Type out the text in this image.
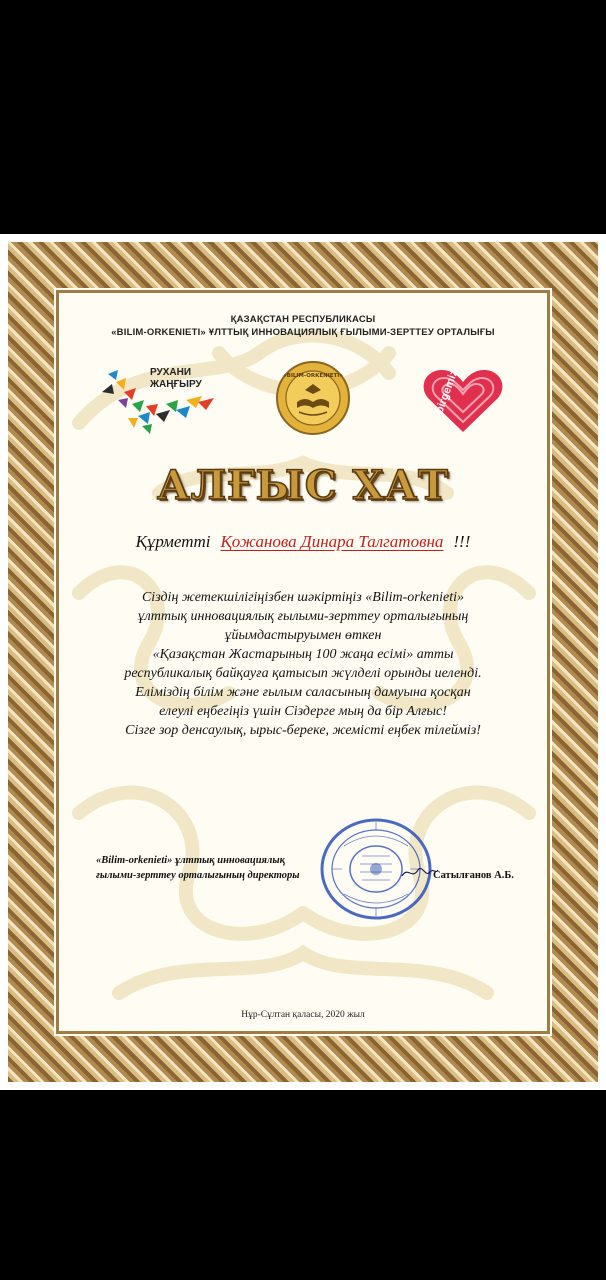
ҚАЗАҚСТАН РЕСПУБЛИКАСЫ
«BILIM-ORKENIETI» ҰЛТТЫҚ ИННОВАЦИЯЛЫҚ ҒЫЛЫМИ-ЗЕРТТЕУ ОРТАЛЫҒЫ
РУХАНИ
ЖАҢҒЫРУ
«BILIM-ORKENIETI»	birgemiz
АЛҒЫС ХАТ
Құрметті Қожанова Динара Талгатовна !!!
Сіздің жетекшілігіңізбен шәкіртіңіз «Bilim-orkenieti»
ұлттық инновациялық ғылыми-зерттеу орталығының
ұйымдастыруымен өткен
«Қазақстан Жастарының 100 жаңа есімі» атты
республикалық байқауға қатысып жүлделі орынды иеленді.
Еліміздің білім және ғылым саласының дамуына қосқан
елеулі еңбегіңіз үшін Сіздерге мың да бір Алғыс!
Сізге зор денсаулық, ырыс-береке, жемісті еңбек тілейміз!
«Bilim-orkenieti» ұлттық инновациялық
ғылыми-зерттеу орталығының директоры	Сатылғанов А.Б.
Нұр-Сұлтан қаласы, 2020 жыл
